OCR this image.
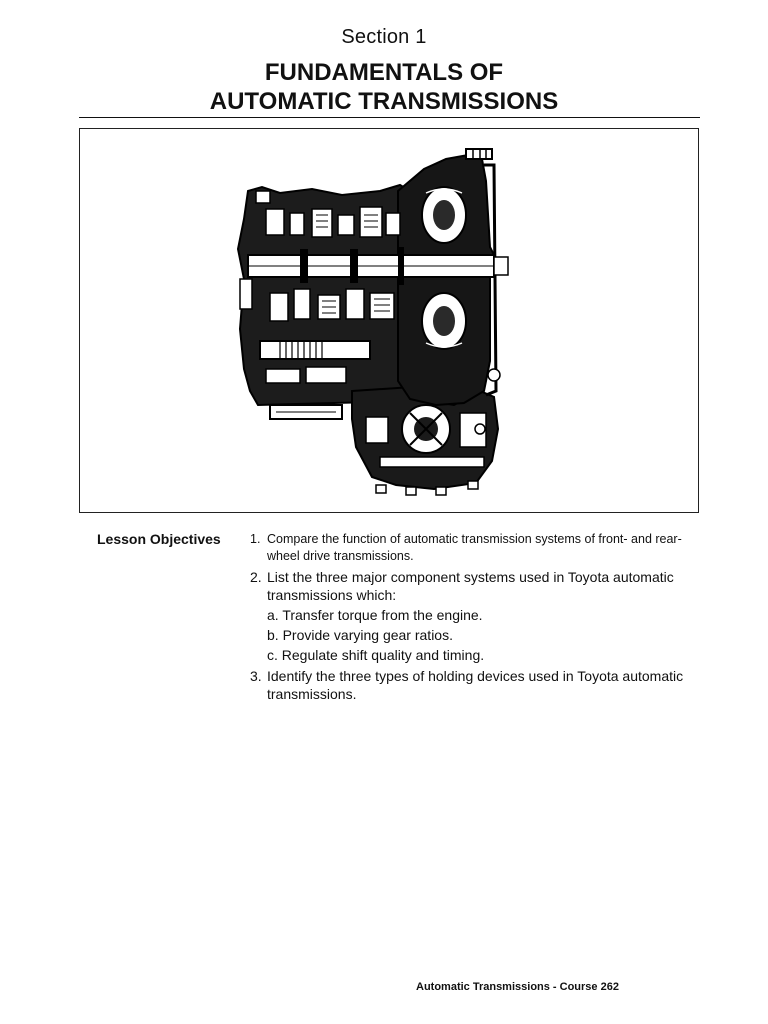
Section 1
FUNDAMENTALS OF
AUTOMATIC TRANSMISSIONS
Lesson Objectives 1. Compare the function of automatic transmission systems of front- and rear-wheel drive transmissions.
2. List the three major component systems used in Toyota automatic transmissions which:
a. Transfer torque from the engine.
b. Provide varying gear ratios.
c. Regulate shift quality and timing.
3. Identify the three types of holding devices used in Toyota automatic transmissions.
Automatic Transmissions - Course 262
